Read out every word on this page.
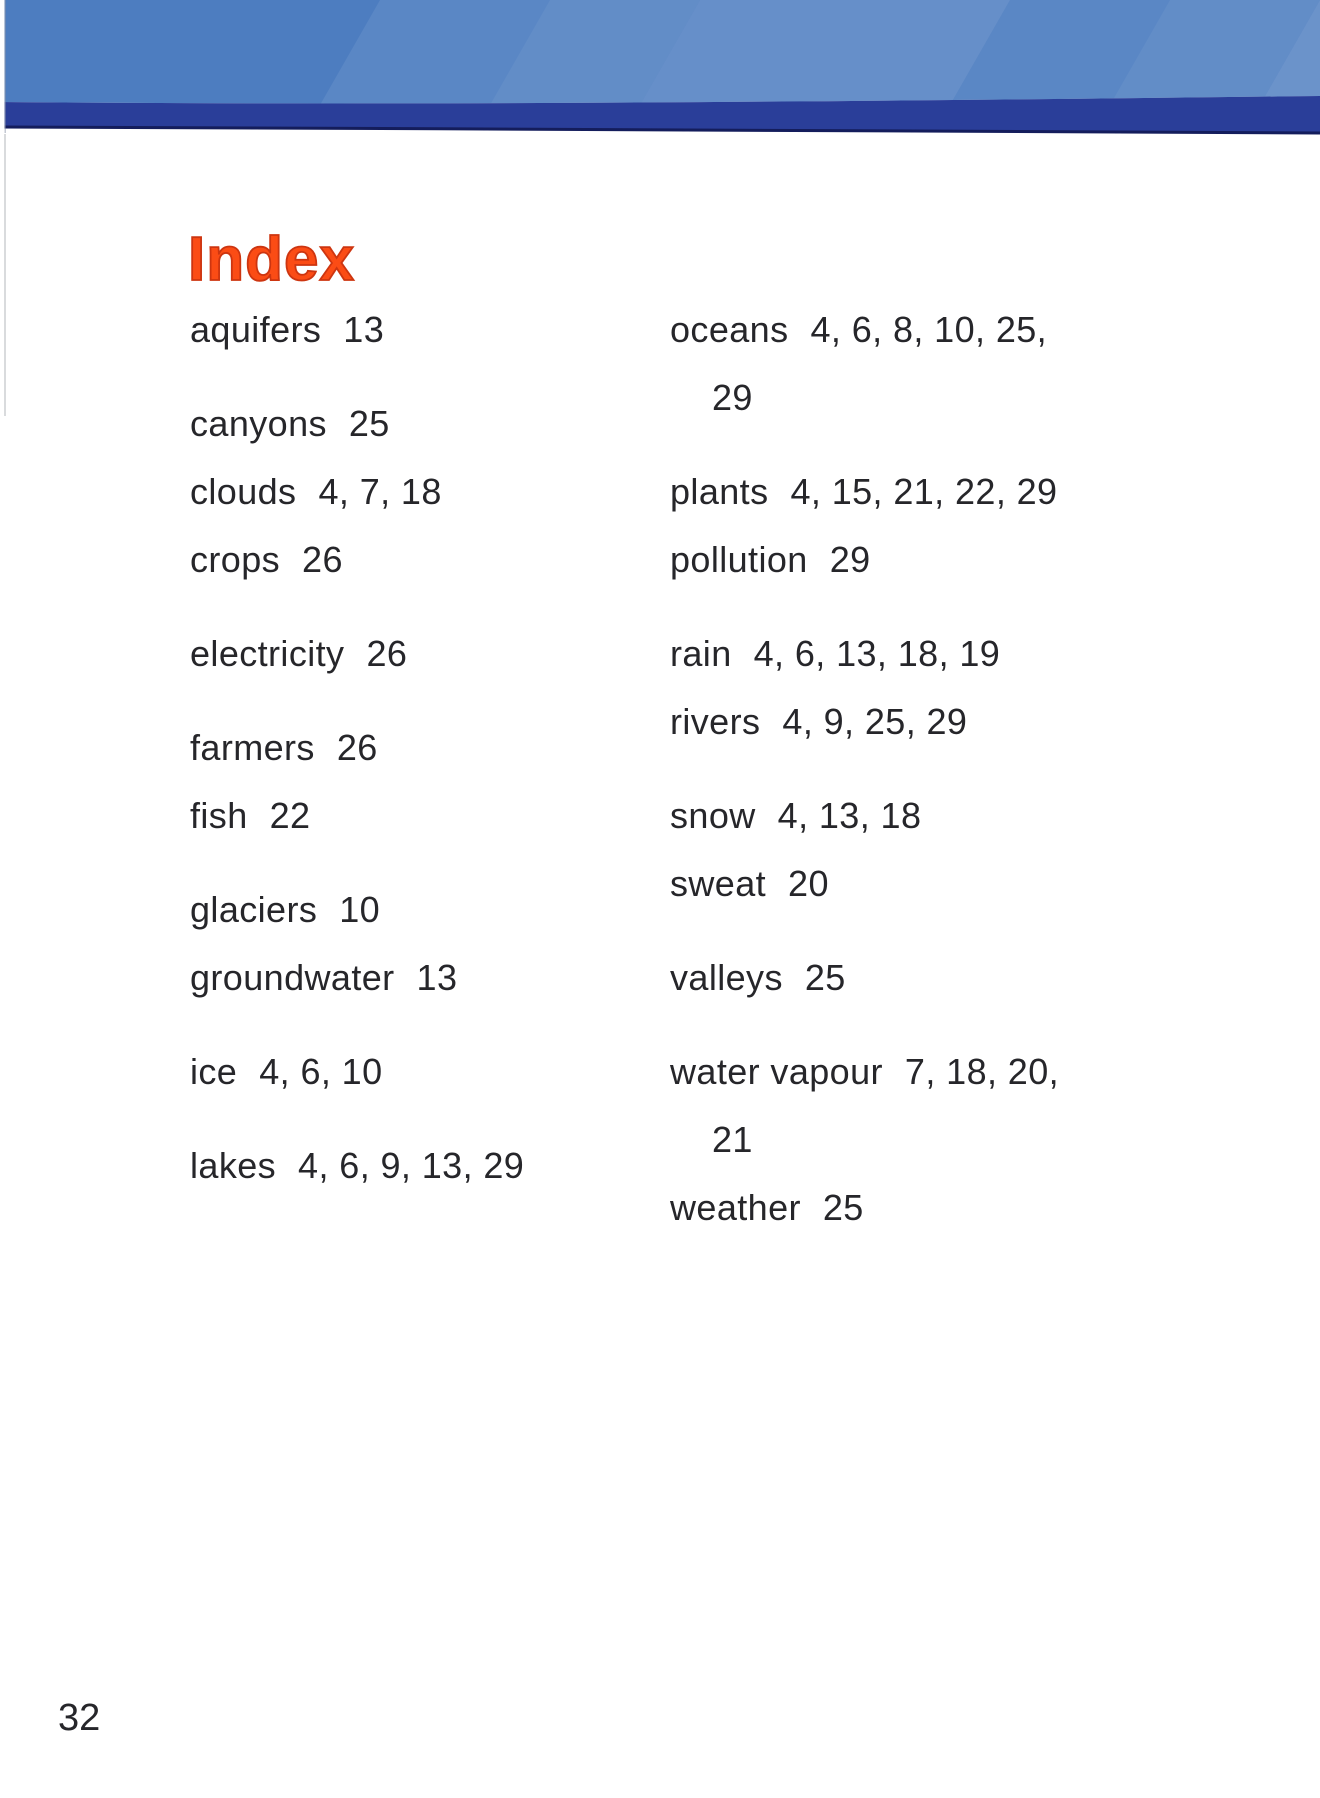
Index
aquifers 13
canyons 25
clouds 4, 7, 18
crops 26
electricity 26
farmers 26
fish 22
glaciers 10
groundwater 13
ice 4, 6, 10
lakes 4, 6, 9, 13, 29
oceans 4, 6, 8, 10, 25,
29
plants 4, 15, 21, 22, 29
pollution 29
rain 4, 6, 13, 18, 19
rivers 4, 9, 25, 29
snow 4, 13, 18
sweat 20
valleys 25
water vapour 7, 18, 20,
21
weather 25
32
